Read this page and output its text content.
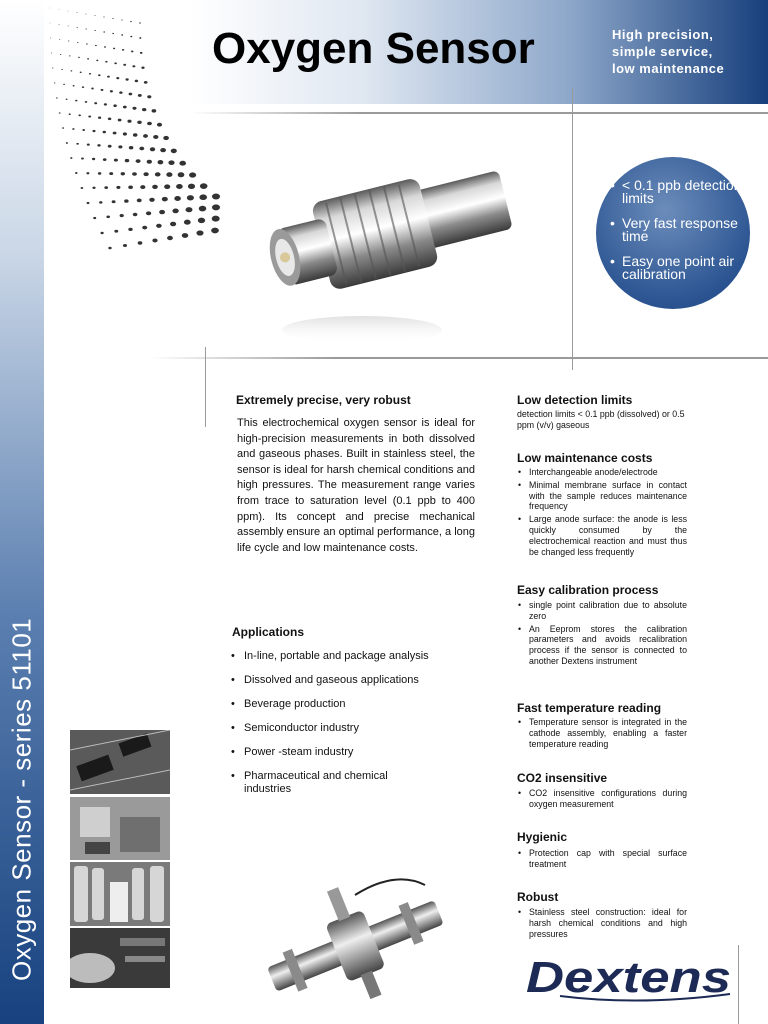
Oxygen Sensor - series 51101
Oxygen Sensor	High precision,
simple service,
low maintenance
• < 0.1 ppb detection limits
• Very fast response time
• Easy one point air calibration
Extremely precise, very robust
This electrochemical oxygen sensor is ideal for high-precision measurements in both dissolved and gaseous phases. Built in stainless steel, the sensor is ideal for harsh chemical conditions and high pressures. The measurement range varies from trace to saturation level (0.1 ppb to 400 ppm). Its concept and precise mechanical assembly ensure an optimal performance, a long life cycle and low maintenance costs.
Applications
• In-line, portable and package analysis
• Dissolved and gaseous applications
• Beverage production
• Semiconductor industry
• Power -steam industry
• Pharmaceutical and chemical industries
Low detection limits
detection limits < 0.1 ppb (dissolved) or 0.5 ppm (v/v) gaseous
Low maintenance costs
• Interchangeable anode/electrode
• Minimal membrane surface in contact with the sample reduces maintenance frequency
• Large anode surface: the anode is less quickly consumed by the electrochemical reaction and must thus be changed less frequently
Easy calibration process
• single point calibration due to absolute zero
• An Eeprom stores the calibration parameters and avoids recalibration process if the sensor is connected to another Dextens instrument
Fast temperature reading
• Temperature sensor is integrated in the cathode assembly, enabling a faster temperature reading
CO2 insensitive
• CO2 insensitive configurations during oxygen measurement
Hygienic
• Protection cap with special surface treatment
Robust
• Stainless steel construction: ideal for harsh chemical conditions and high pressures
Dextens
